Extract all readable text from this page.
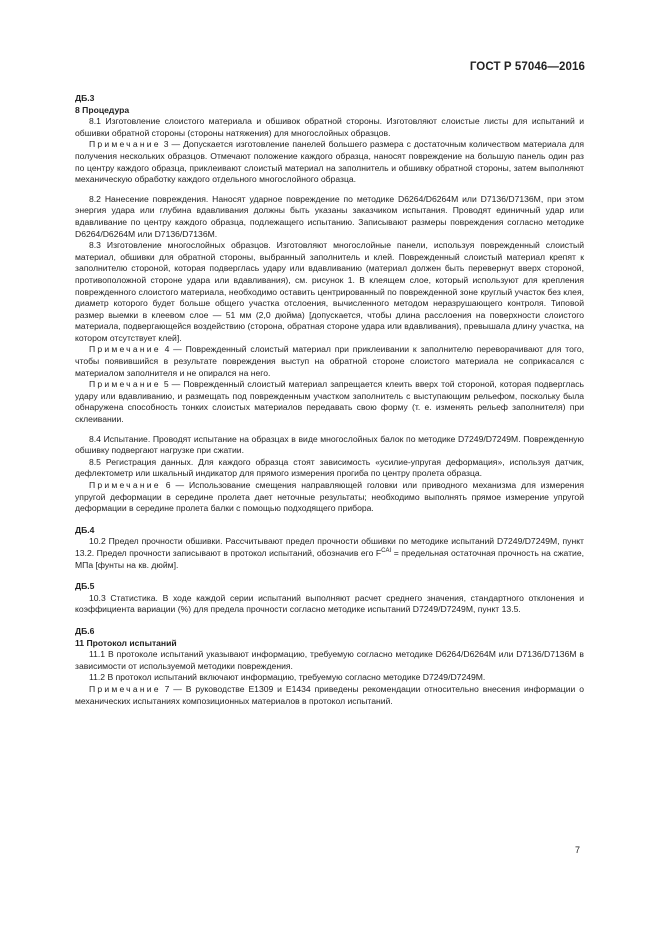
ГОСТ Р 57046—2016

ДБ.3

8 Процедура

8.1 Изготовление слоистого материала и обшивок обратной стороны. Изготовляют слоистые листы для испытаний и обшивки обратной стороны (стороны натяжения) для многослойных образцов.

Примечание 3 — Допускается изготовление панелей большего размера с достаточным количеством материала для получения нескольких образцов. Отмечают положение каждого образца, наносят повреждение на большую панель один раз по центру каждого образца, приклеивают слоистый материал на заполнитель и обшивку обратной стороны, затем выполняют механическую обработку каждого отдельного многослойного образца.

8.2 Нанесение повреждения. Наносят ударное повреждение по методике D6264/D6264M или D7136/D7136M, при этом энергия удара или глубина вдавливания должны быть указаны заказчиком испытания. Проводят единичный удар или вдавливание по центру каждого образца, подлежащего испытанию. Записывают размеры повреждения согласно методике D6264/D6264M или D7136/D7136M.

8.3 Изготовление многослойных образцов. Изготовляют многослойные панели, используя поврежденный слоистый материал, обшивки для обратной стороны, выбранный заполнитель и клей. Поврежденный слоистый материал крепят к заполнителю стороной, которая подверглась удару или вдавливанию (материал должен быть перевернут вверх стороной, противоположной стороне удара или вдавливания), см. рисунок 1. В клеящем слое, который используют для крепления поврежденного слоистого материала, необходимо оставить центрированный по поврежденной зоне круглый участок без клея, диаметр которого будет больше общего участка отслоения, вычисленного методом неразрушающего контроля. Типовой размер выемки в клеевом слое — 51 мм (2,0 дюйма) [допускается, чтобы длина расслоения на поверхности слоистого материала, подвергающейся воздействию (сторона, обратная стороне удара или вдавливания), превышала длину участка, на котором отсутствует клей].

Примечание 4 — Поврежденный слоистый материал при приклеивании к заполнителю переворачивают для того, чтобы появившийся в результате повреждения выступ на обратной стороне слоистого материала не соприкасался с материалом заполнителя и не опирался на него.

Примечание 5 — Поврежденный слоистый материал запрещается клеить вверх той стороной, которая подверглась удару или вдавливанию, и размещать под поврежденным участком заполнитель с выступающим рельефом, поскольку была обнаружена способность тонких слоистых материалов передавать свою форму (т. е. изменять рельеф заполнителя) при склеивании.

8.4 Испытание. Проводят испытание на образцах в виде многослойных балок по методике D7249/D7249M. Поврежденную обшивку подвергают нагрузке при сжатии.

8.5 Регистрация данных. Для каждого образца стоят зависимость «усилие-упругая деформация», используя датчик, дефлектометр или шкальный индикатор для прямого измерения прогиба по центру пролета образца.

Примечание 6 — Использование смещения направляющей головки или приводного механизма для измерения упругой деформации в середине пролета дает неточные результаты; необходимо выполнять прямое измерение упругой деформации в середине пролета балки с помощью подходящего прибора.

ДБ.4

10.2 Предел прочности обшивки. Рассчитывают предел прочности обшивки по методике испытаний D7249/D7249M, пункт 13.2. Предел прочности записывают в протокол испытаний, обозначив его $F^{CAI}$ = предельная остаточная прочность на сжатие, МПа [фунты на кв. дюйм].

ДБ.5

10.3 Статистика. В ходе каждой серии испытаний выполняют расчет среднего значения, стандартного отклонения и коэффициента вариации (%) для предела прочности согласно методике испытаний D7249/D7249M, пункт 13.5.

ДБ.6

11 Протокол испытаний

11.1 В протоколе испытаний указывают информацию, требуемую согласно методике D6264/D6264M или D7136/D7136M в зависимости от используемой методики повреждения.

11.2 В протокол испытаний включают информацию, требуемую согласно методике D7249/D7249M.

Примечание 7 — В руководстве E1309 и E1434 приведены рекомендации относительно внесения информации о механических испытаниях композиционных материалов в протокол испытаний.

7
